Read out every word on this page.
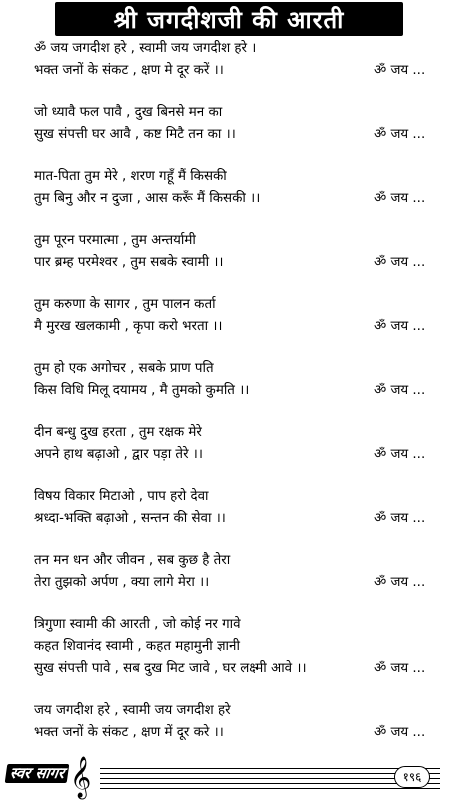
श्री जगदीशजी की आरती
ॐ जय जगदीश हरे , स्वामी जय जगदीश हरे ।
भक्त जनों के संकट , क्षण मे दूर करें ।।	ॐ जय ...
जो ध्यावै फल पावै , दुख बिनसे मन का
सुख संपत्ती घर आवै , कष्ट मिटै तन का ।।	ॐ जय ...
मात-पिता तुम मेरे , शरण गहूँ मैं किसकी
तुम बिनु और न दुजा , आस करूँ मैं किसकी ।।	ॐ जय ...
तुम पूरन परमात्मा , तुम अन्तर्यामी
पार ब्रम्ह परमेश्वर , तुम सबके स्वामी ।।	ॐ जय ...
तुम करुणा के सागर , तुम पालन कर्ता
मै मुरख खलकामी , कृपा करो भरता ।।	ॐ जय ...
तुम हो एक अगोचर , सबके प्राण पति
किस विधि मिलू दयामय , मै तुमको कुमति ।।	ॐ जय ...
दीन बन्धु दुख हरता , तुम रक्षक मेरे
अपने हाथ बढ़ाओ , द्वार पड़ा तेरे ।।	ॐ जय ...
विषय विकार मिटाओ , पाप हरो देवा
श्रध्दा-भक्ति बढ़ाओ , सन्तन की सेवा ।।	ॐ जय ...
तन मन धन और जीवन , सब कुछ है तेरा
तेरा तुझको अर्पण , क्या लागे मेरा ।।	ॐ जय ...
त्रिगुणा स्वामी की आरती , जो कोई नर गावे
कहत शिवानंद स्वामी , कहत महामुनी ज्ञानी
सुख संपत्ती पावे , सब दुख मिट जावे , घर लक्ष्मी आवे ।।	ॐ जय ...
जय जगदीश हरे , स्वामी जय जगदीश हरे
भक्त जनों के संकट , क्षण में दूर करे ।।	ॐ जय ...
स्वर सागर 𝄞	१९६
